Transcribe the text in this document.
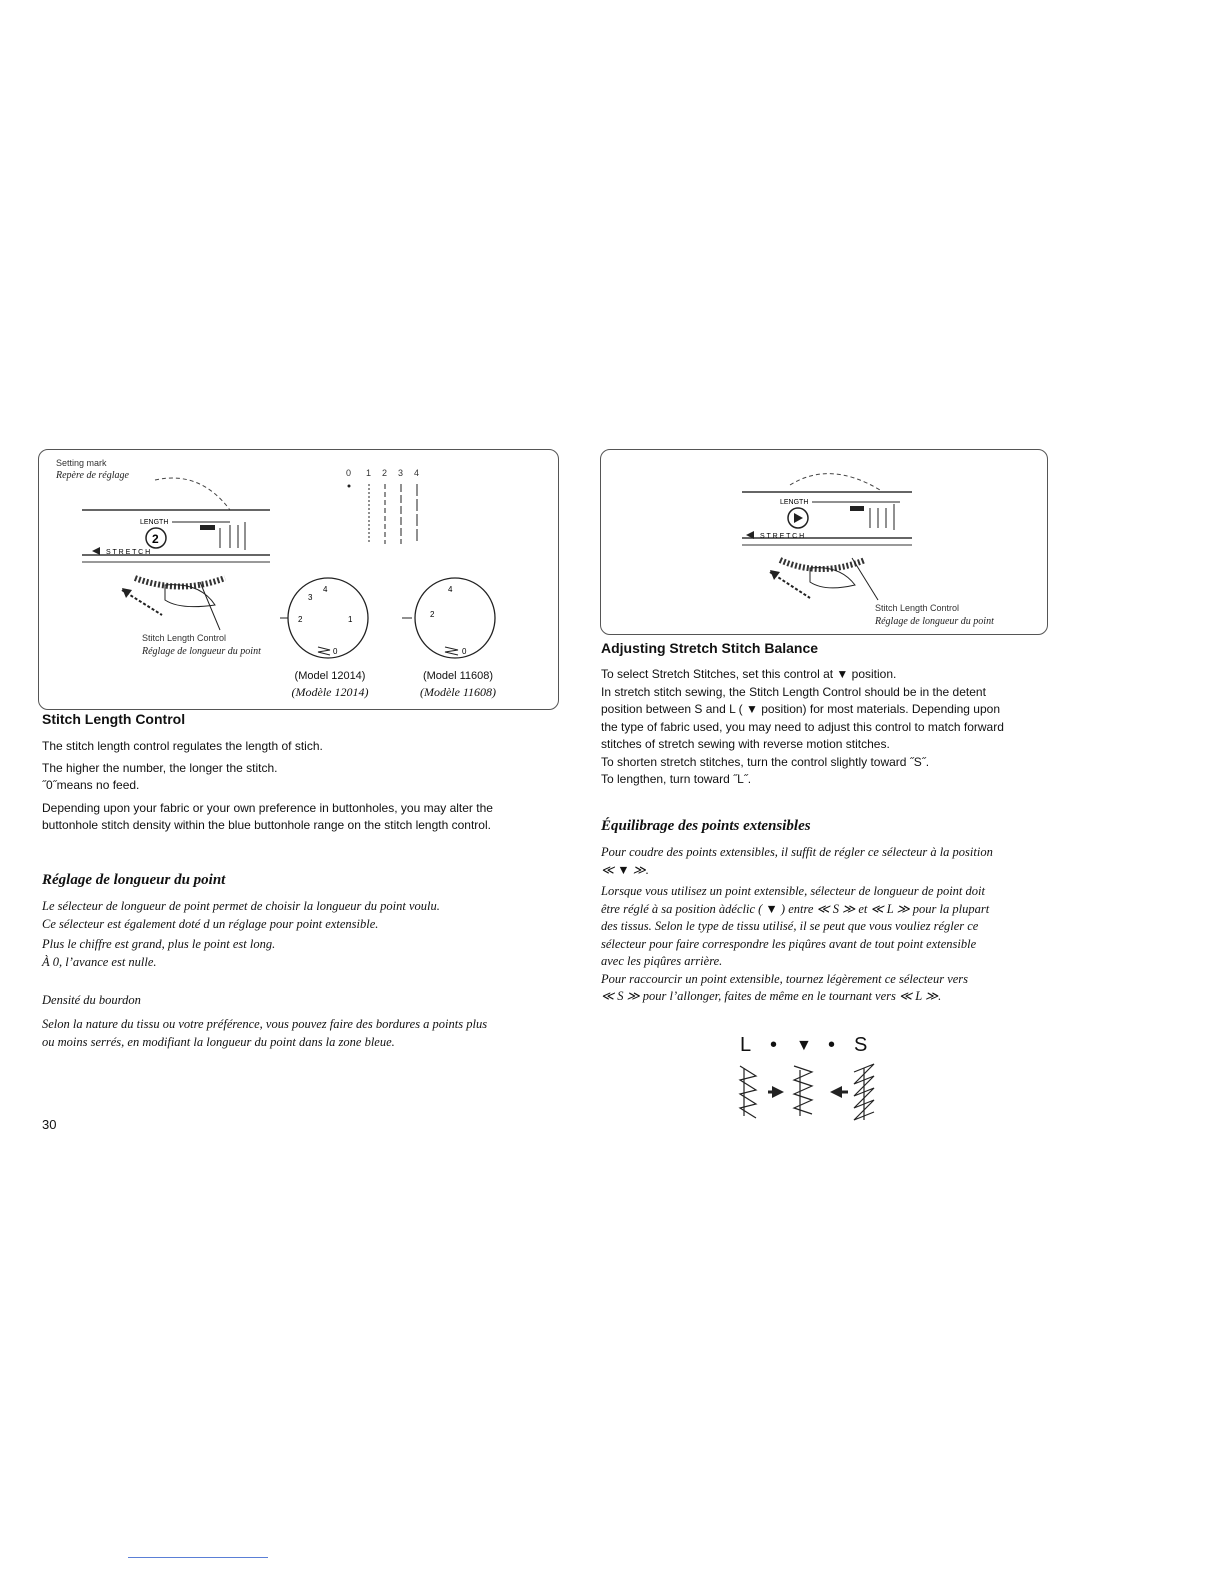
Setting mark
Repère de réglage
LENGTH
2
S T R E T C H
Stitch Length Control
Réglage de longueur du point
0 1 2 3 4
2	1
4
3
0
4
2
0
(Model 12014)
(Modèle 12014)
(Model 11608)
(Modèle 11608)
Stitch Length Control
The stitch length control regulates the length of stich.
The higher the number, the longer the stitch.
˝0˝means no feed.
Depending upon your fabric or your own preference in buttonholes, you may alter the
buttonhole stitch density within the blue buttonhole range on the stitch length control.
Réglage de longueur du point
Le sélecteur de longueur de point permet de choisir la longueur du point voulu.
Ce sélecteur est également doté d un réglage pour point extensible.
Plus le chiffre est grand, plus le point est long.
À 0, l’avance est nulle.
Densité du bourdon
Selon la nature du tissu ou votre préférence, vous pouvez faire des bordures a points plus
ou moins serrés, en modifiant la longueur du point dans la zone bleue.
30
LENGTH
S T R E T C H
Stitch Length Control
Réglage de longueur du point
Adjusting Stretch Stitch Balance
To select Stretch Stitches, set this control at ▼ position.
In stretch stitch sewing, the Stitch Length Control should be in the detent
position between S and L ( ▼ position) for most materials. Depending upon
the type of fabric used, you may need to adjust this control to match forward
stitches of stretch sewing with reverse motion stitches.
To shorten stretch stitches, turn the control slightly toward ˝S˝.
To lengthen, turn toward ˝L˝.
Équilibrage des points extensibles
Pour coudre des points extensibles, il suffit de régler ce sélecteur à la position
≪ ▼ ≫.
Lorsque vous utilisez un point extensible, sélecteur de longueur de point doit
être réglé à sa position àdéclic ( ▼ ) entre ≪ S ≫ et ≪ L ≫ pour la plupart
des tissus. Selon le type de tissu utilisé, il se peut que vous vouliez régler ce
sélecteur pour faire correspondre les piqûres avant de tout point extensible
avec les piqûres arrière.
Pour raccourcir un point extensible, tournez légèrement ce sélecteur vers
≪ S ≫ pour l’allonger, faites de même en le tournant vers ≪ L ≫.
L • ▼ • S
